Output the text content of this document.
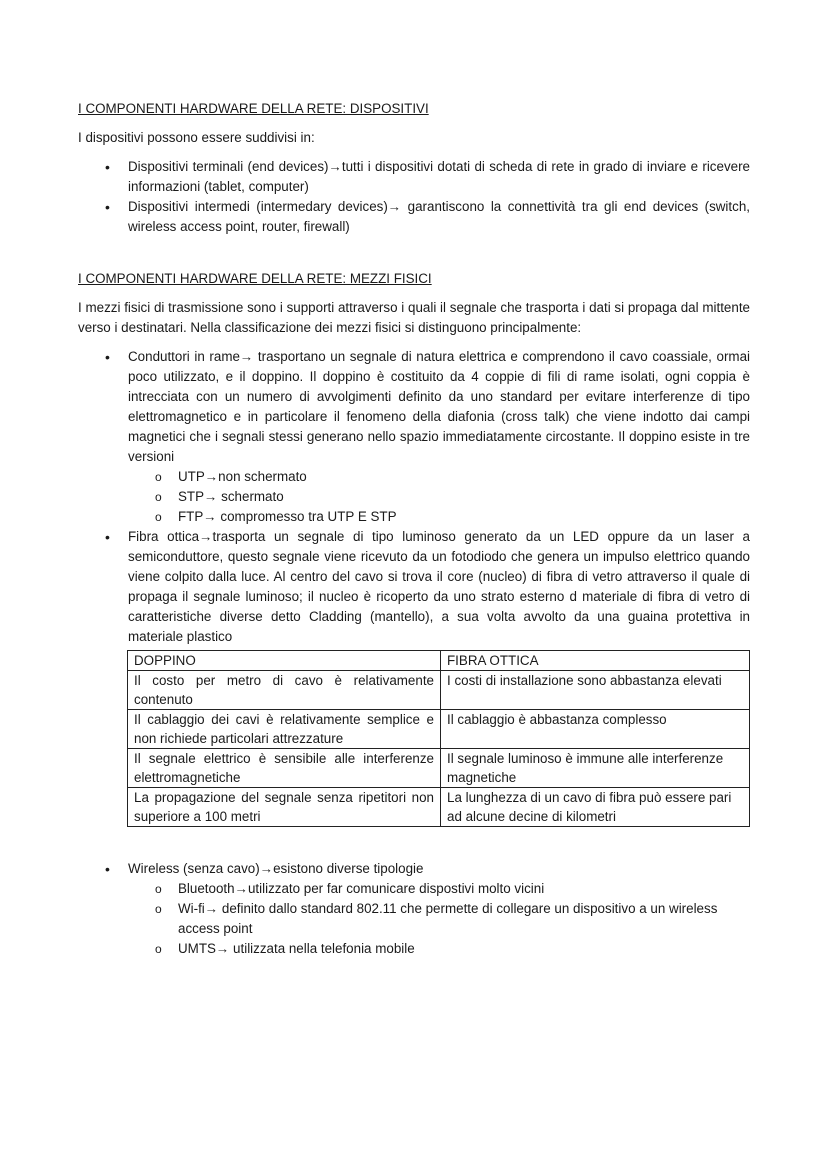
I COMPONENTI HARDWARE DELLA RETE: DISPOSITIVI

I dispositivi possono essere suddivisi in:

• Dispositivi terminali (end devices)→tutti i dispositivi dotati di scheda di rete in grado di inviare e ricevere informazioni (tablet, computer)
• Dispositivi intermedi (intermedary devices)→ garantiscono la connettività tra gli end devices (switch, wireless access point, router, firewall)

I COMPONENTI HARDWARE DELLA RETE: MEZZI FISICI

I mezzi fisici di trasmissione sono i supporti attraverso i quali il segnale che trasporta i dati si propaga dal mittente verso i destinatari. Nella classificazione dei mezzi fisici si distinguono principalmente:

• Conduttori in rame→ trasportano un segnale di natura elettrica e comprendono il cavo coassiale, ormai poco utilizzato, e il doppino. Il doppino è costituito da 4 coppie di fili di rame isolati, ogni coppia è intrecciata con un numero di avvolgimenti definito da uno standard per evitare interferenze di tipo elettromagnetico e in particolare il fenomeno della diafonia (cross talk) che viene indotto dai campi magnetici che i segnali stessi generano nello spazio immediatamente circostante. Il doppino esiste in tre versioni
o UTP→non schermato
o STP→ schermato
o FTP→ compromesso tra UTP E STP
• Fibra ottica→trasporta un segnale di tipo luminoso generato da un LED oppure da un laser a semiconduttore, questo segnale viene ricevuto da un fotodiodo che genera un impulso elettrico quando viene colpito dalla luce. Al centro del cavo si trova il core (nucleo) di fibra di vetro attraverso il quale di propaga il segnale luminoso; il nucleo è ricoperto da uno strato esterno d materiale di fibra di vetro di caratteristiche diverse detto Cladding (mantello), a sua volta avvolto da una guaina protettiva in materiale plastico
DOPPINO	FIBRA OTTICA
Il costo per metro di cavo è relativamente contenuto	I costi di installazione sono abbastanza elevati
Il cablaggio dei cavi è relativamente semplice e non richiede particolari attrezzature	Il cablaggio è abbastanza complesso
Il segnale elettrico è sensibile alle interferenze elettromagnetiche	Il segnale luminoso è immune alle interferenze magnetiche
La propagazione del segnale senza ripetitori non superiore a 100 metri	La lunghezza di un cavo di fibra può essere pari ad alcune decine di kilometri
• Wireless (senza cavo)→esistono diverse tipologie
o Bluetooth→utilizzato per far comunicare dispostivi molto vicini
o Wi-fi→ definito dallo standard 802.11 che permette di collegare un dispositivo a un wireless access point
o UMTS→ utilizzata nella telefonia mobile
